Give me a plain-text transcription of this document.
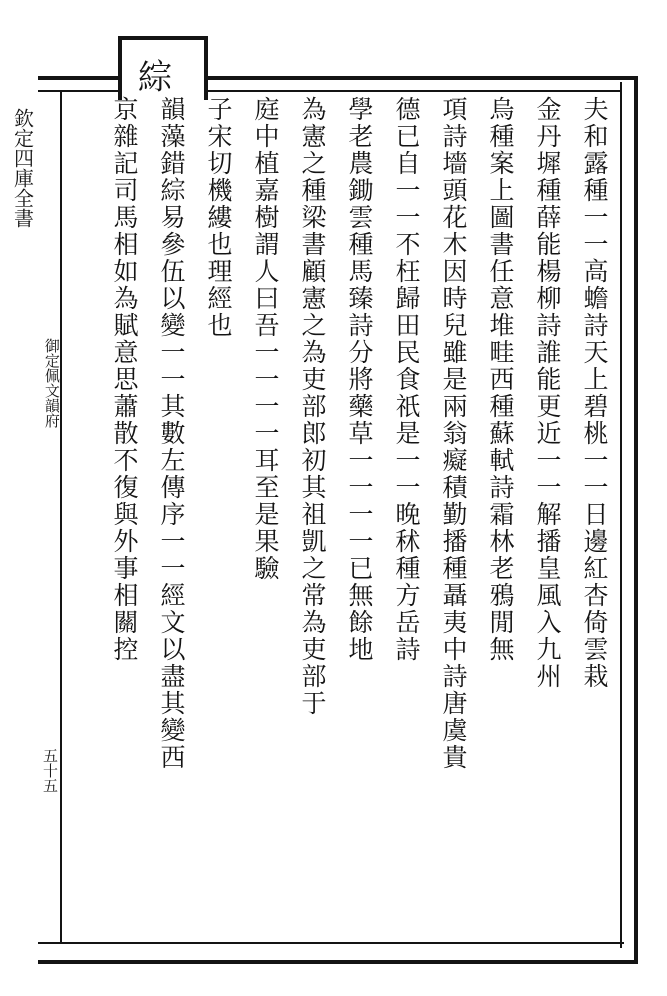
綜
欽定四庫全書
御定佩文韻府
五十五
夫和露種一一高蟾詩天上碧桃一一日邊紅杏倚雲栽
金丹墀種薛能楊柳詩誰能更近一一解播皇風入九州
烏種案上圖書任意堆畦西種蘇軾詩霜林老鴉閒無
項詩墻頭花木因時兒雖是兩翁癡積勤播種聶夷中詩唐虞貴
德已自一一不枉歸田民食祇是一一晚秫種方岳詩
學老農鋤雲種馬臻詩分將藥草一一一一已無餘地
為憲之種梁書顧憲之為吏部郎初其祖凱之常為吏部于
庭中植嘉樹謂人曰吾一一一一耳至是果驗
子宋切機縷也理經也
韻藻錯綜易參伍以變一一其數左傳序一一經文以盡其變西
京雜記司馬相如為賦意思蕭散不復與外事相關控
